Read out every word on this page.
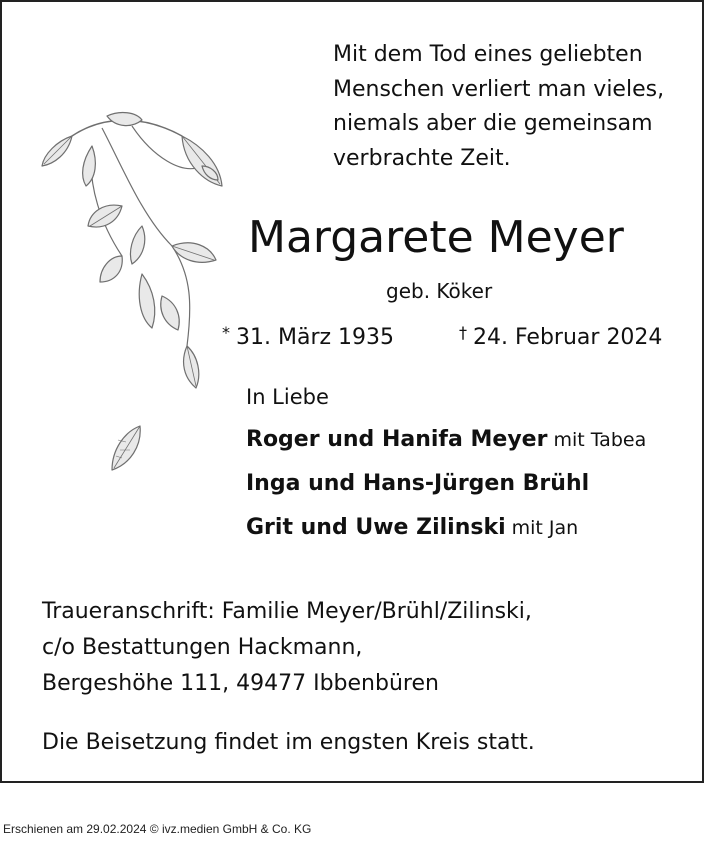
Mit dem Tod eines geliebten
Menschen verliert man vieles,
niemals aber die gemeinsam
verbrachte Zeit.
Margarete Meyer
geb. Köker
* 31. März 1935	† 24. Februar 2024
In Liebe
Roger und Hanifa Meyer mit Tabea
Inga und Hans-Jürgen Brühl
Grit und Uwe Zilinski mit Jan
Traueranschrift: Familie Meyer/Brühl/Zilinski,
c/o Bestattungen Hackmann,
Bergeshöhe 111, 49477 Ibbenbüren
Die Beisetzung findet im engsten Kreis statt.
Erschienen am 29.02.2024 © ivz.medien GmbH & Co. KG
